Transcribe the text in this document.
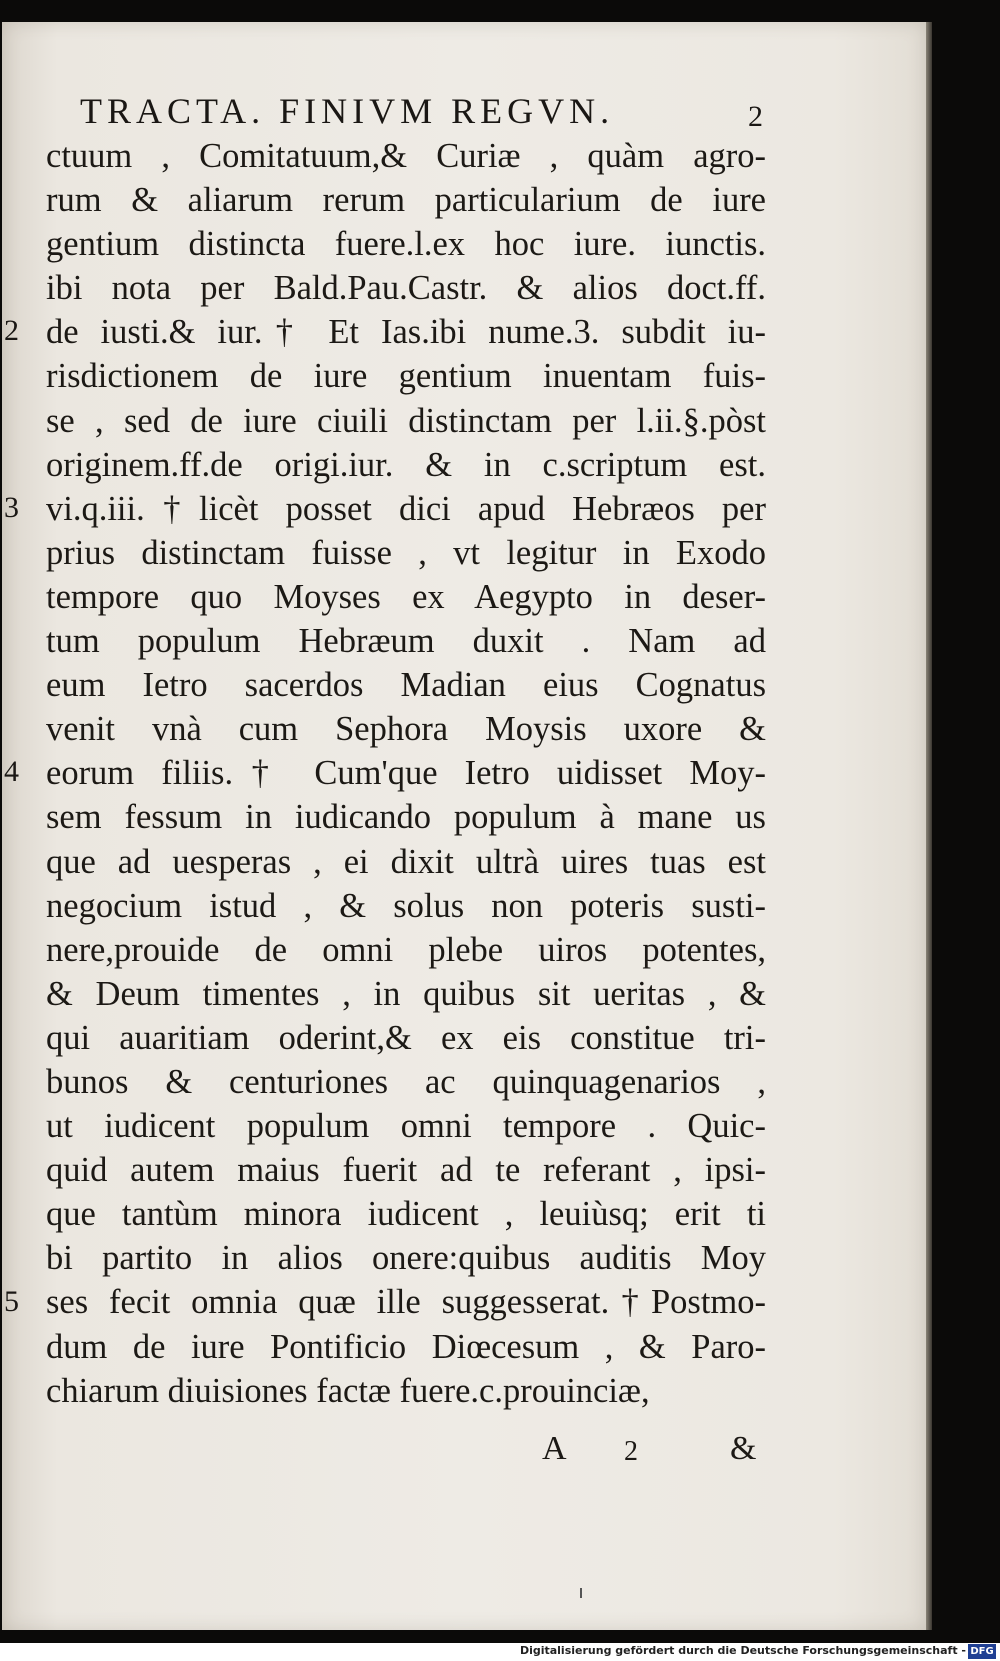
TRACTA. FINIVM REGVN.	2
ctuum , Comitatuum,& Curiæ , quàm agro-
rum & aliarum rerum particularium de iure
gentium distincta fuere.l.ex hoc iure. iunctis.
ibi nota per Bald.Pau.Castr. & alios doct.ff.
de iusti.& iur.† Et Ias.ibi nume.3. subdit iu-
risdictionem de iure gentium inuentam fuis-
se , sed de iure ciuili distinctam per l.ii.§.pòst
originem.ff.de origi.iur. & in c.scriptum est.
vi.q.iii.†licèt posset dici apud Hebræos per
prius distinctam fuisse , vt legitur in Exodo
tempore quo Moyses ex Aegypto in deser-
tum populum Hebræum duxit . Nam ad
eum Ietro sacerdos Madian eius Cognatus
venit vnà cum Sephora Moysis uxore &
eorum filiis.† Cum'que Ietro uidisset Moy-
sem fessum in iudicando populum à mane us
que ad uesperas , ei dixit ultrà uires tuas est
negocium istud , & solus non poteris susti-
nere,prouide de omni plebe uiros potentes,
& Deum timentes , in quibus sit ueritas , &
qui auaritiam oderint,& ex eis constitue tri-
bunos & centuriones ac quinquagenarios ,
ut iudicent populum omni tempore . Quic-
quid autem maius fuerit ad te referant , ipsi-
que tantùm minora iudicent , leuiùsq; erit ti
bi partito in alios onere:quibus auditis Moy
ses fecit omnia quæ ille suggesserat.†Postmo-
dum de iure Pontificio Diœcesum , & Paro-
chiarum diuisiones factæ fuere.c.prouinciæ,
A 2	&
2
3
4
5
Digitalisierung gefördert durch die Deutsche Forschungsgemeinschaft - DFG
